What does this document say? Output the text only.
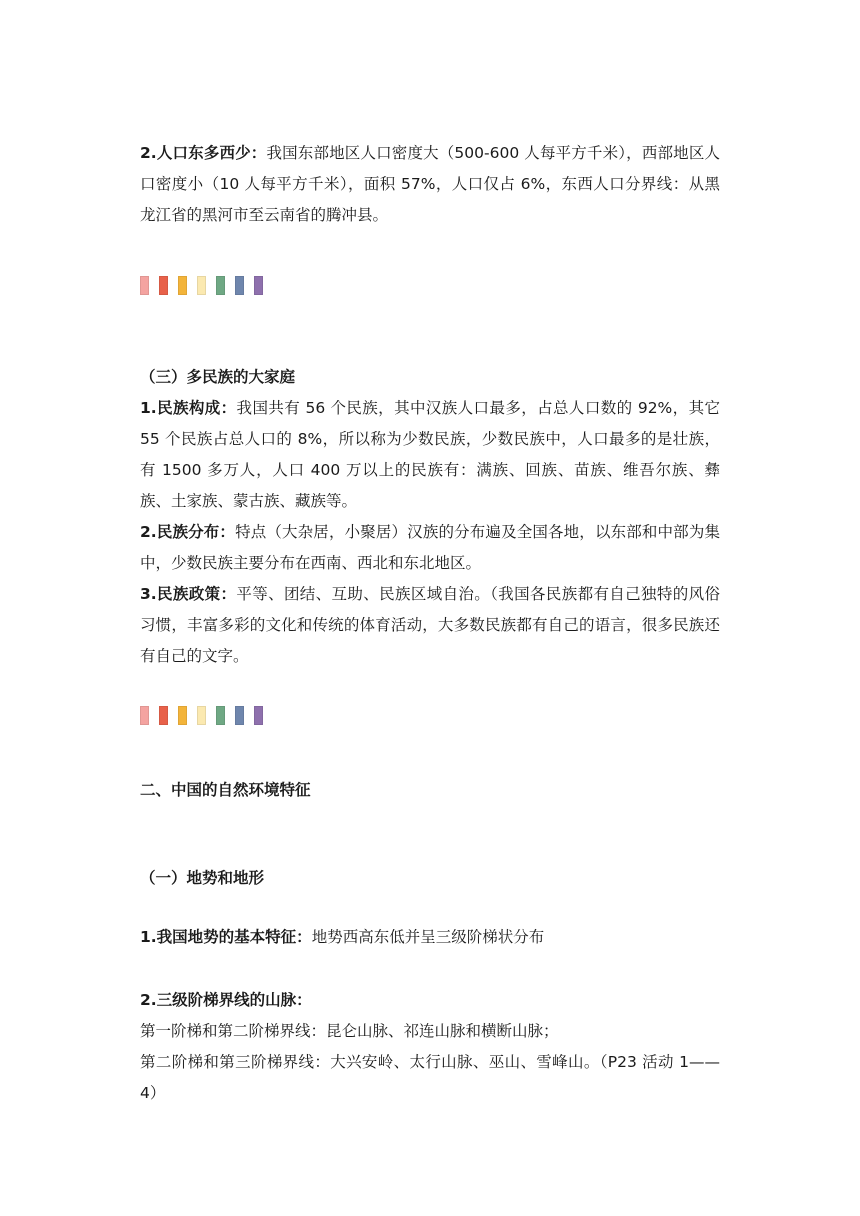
2.人口东多西少：我国东部地区人口密度大（500-600 人每平方千米），西部地区人口密度小（10 人每平方千米），面积 57%，人口仅占 6%，东西人口分界线：从黑龙江省的黑河市至云南省的腾冲县。

（三）多民族的大家庭

1.民族构成：我国共有 56 个民族，其中汉族人口最多，占总人口数的 92%，其它 55 个民族占总人口的 8%，所以称为少数民族，少数民族中，人口最多的是壮族，有 1500 多万人，人口 400 万以上的民族有：满族、回族、苗族、维吾尔族、彝族、土家族、蒙古族、藏族等。

2.民族分布：特点（大杂居，小聚居）汉族的分布遍及全国各地，以东部和中部为集中，少数民族主要分布在西南、西北和东北地区。

3.民族政策：平等、团结、互助、民族区域自治。（我国各民族都有自己独特的风俗习惯，丰富多彩的文化和传统的体育活动，大多数民族都有自己的语言，很多民族还有自己的文字。

二、中国的自然环境特征

（一）地势和地形

1.我国地势的基本特征：地势西高东低并呈三级阶梯状分布

2.三级阶梯界线的山脉：
第一阶梯和第二阶梯界线：昆仑山脉、祁连山脉和横断山脉；
第二阶梯和第三阶梯界线：大兴安岭、太行山脉、巫山、雪峰山。（P23 活动 1——4）
